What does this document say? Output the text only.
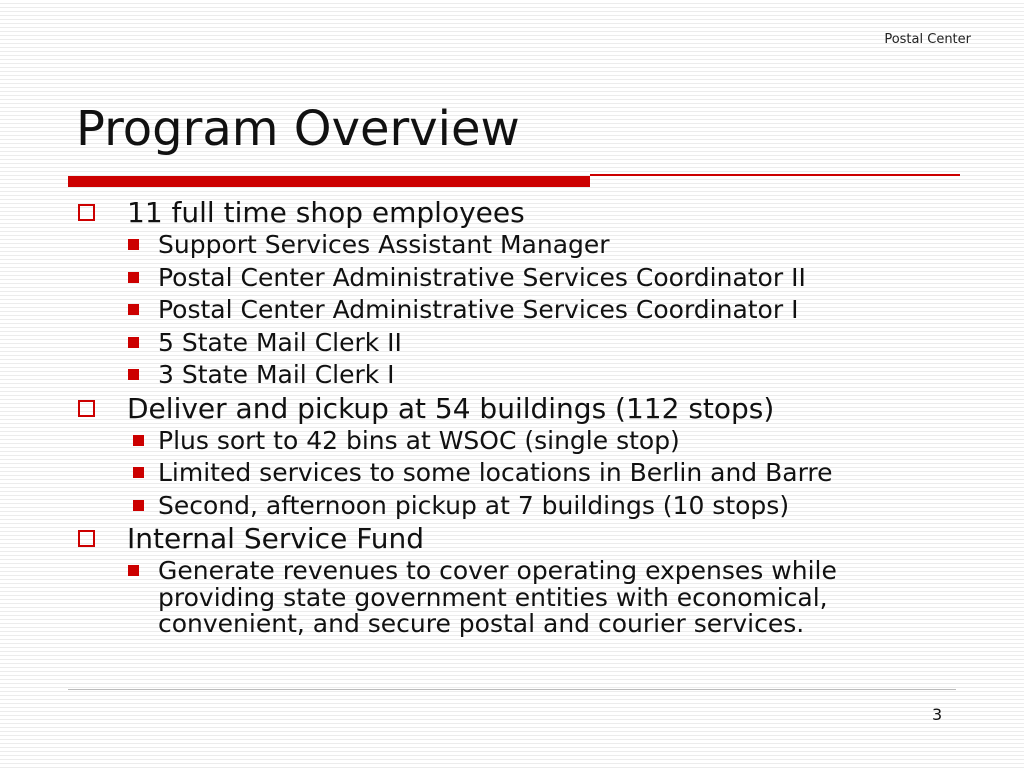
Postal Center
Program Overview
11 full time shop employees
Support Services Assistant Manager
Postal Center Administrative Services Coordinator II
Postal Center Administrative Services Coordinator I
5 State Mail Clerk II
3 State Mail Clerk I
Deliver and pickup at 54 buildings (112 stops)
Plus sort to 42 bins at WSOC (single stop)
Limited services to some locations in Berlin and Barre
Second, afternoon pickup at 7 buildings (10 stops)
Internal Service Fund
Generate revenues to cover operating expenses while providing state government entities with economical, convenient, and secure postal and courier services.
3
